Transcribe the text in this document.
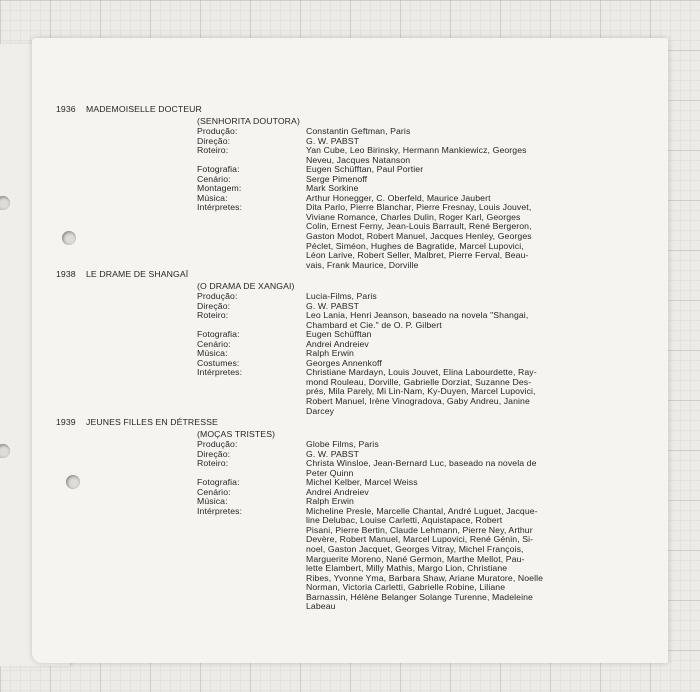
1936 MADEMOISELLE DOCTEUR
(SENHORITA DOUTORA)
Produção:	Constantin Geftman, Paris
Direção:	G. W. PABST
Roteiro:	Yan Cube, Leo Birinsky, Hermann Mankiewicz, Georges
Neveu, Jacques Natanson
Fotografia:	Eugen Schüfftan, Paul Portier
Cenário:	Serge Pimenoff
Montagem:	Mark Sorkine
Música:	Arthur Honegger, C. Oberfeld, Maurice Jaubert
Intérpretes:	Dita Parlo, Pierre Blanchar, Pierre Fresnay, Louis Jouvet,
Viviane Romance, Charles Dulin, Roger Karl, Georges
Colin, Ernest Ferny, Jean-Louis Barrault, René Bergeron,
Gaston Modot, Robert Manuel, Jacques Henley, Georges
Péclet, Siméon, Hughes de Bagratide, Marcel Lupovici,
Léon Larive, Robert Seller, Malbret, Pierre Ferval, Beau-
vais, Frank Maurice, Dorville
1938 LE DRAME DE SHANGAÏ
(O DRAMA DE XANGAI)
Produção:	Lucia-Films, Paris
Direção:	G. W. PABST
Roteiro:	Leo Lania, Henri Jeanson, baseado na novela "Shangai,
Chambard et Cie." de O. P. Gilbert
Fotografia:	Eugen Schüfftan
Cenário:	Andrei Andreiev
Música:	Ralph Erwin
Costumes:	Georges Annenkoff
Intérpretes:	Christiane Mardayn, Louis Jouvet, Elina Labourdette, Ray-
mond Rouleau, Dorville, Gabrielle Dorziat, Suzanne Des-
prés, Mila Parely, Mi Lin-Nam, Ky-Duyen, Marcel Lupovici,
Robert Manuel, Irène Vinogradova, Gaby Andreu, Janine
Darcey
1939 JEUNES FILLES EN DÉTRESSE
(MOÇAS TRISTES)
Produção:	Globe Films, Paris
Direção:	G. W. PABST
Roteiro:	Christa Winsloe, Jean-Bernard Luc, baseado na novela de
Peter Quinn
Fotografia:	Michel Kelber, Marcel Weiss
Cenário:	Andrei Andreiev
Música:	Ralph Erwin
Intérpretes:	Micheline Presle, Marcelle Chantal, André Luguet, Jacque-
line Delubac, Louise Carletti, Aquistapace, Robert
Pisani, Pierre Bertin, Claude Lehmann, Pierre Ney, Arthur
Devère, Robert Manuel, Marcel Lupovici, René Génin, Si-
noel, Gaston Jacquet, Georges Vitray, Michel François,
Marguerite Moreno, Nané Germon, Marthe Mellot, Pau-
lette Elambert, Milly Mathis, Margo Lion, Christiane
Ribes, Yvonne Yma, Barbara Shaw, Ariane Muratore, Noelle
Norman, Victoria Carletti, Gabrielle Robine, Liliane
Barnassin, Hélène Belanger Solange Turenne, Madeleine
Labeau
